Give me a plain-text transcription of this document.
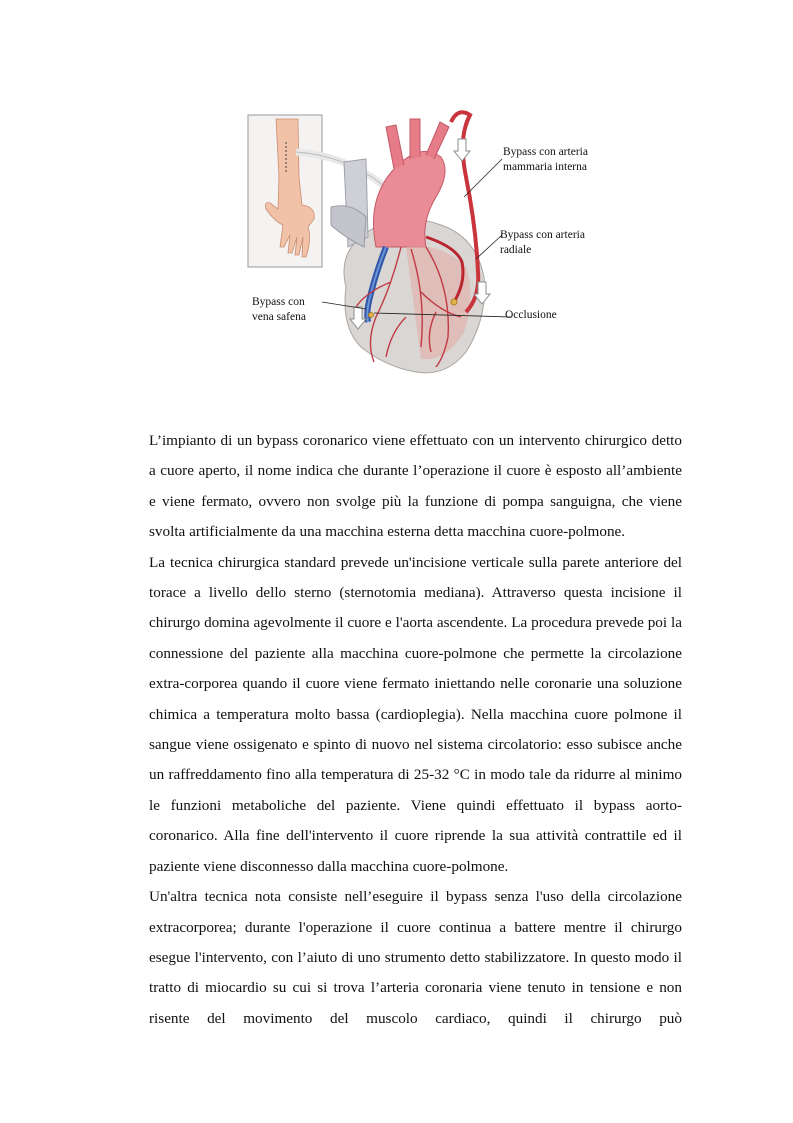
Bypass con arteria
mammaria interna
Bypass con arteria
radiale
Bypass con
vena safena	Occlusione

L’impianto di un bypass coronarico viene effettuato con un intervento chirurgico detto a cuore aperto, il nome indica che durante l’operazione il cuore è esposto all’ambiente e viene fermato, ovvero non svolge più la funzione di pompa sanguigna, che viene svolta artificialmente da una macchina esterna detta macchina cuore-polmone.

La tecnica chirurgica standard prevede un'incisione verticale sulla parete anteriore del torace a livello dello sterno (sternotomia mediana). Attraverso questa incisione il chirurgo domina agevolmente il cuore e l'aorta ascendente. La procedura prevede poi la connessione del paziente alla macchina cuore-polmone che permette la circolazione extra-corporea quando il cuore viene fermato iniettando nelle coronarie una soluzione chimica a temperatura molto bassa (cardioplegia). Nella macchina cuore polmone il sangue viene ossigenato e spinto di nuovo nel sistema circolatorio: esso subisce anche un raffreddamento fino alla temperatura di 25-32 °C in modo tale da ridurre al minimo le funzioni metaboliche del paziente. Viene quindi effettuato il bypass aorto-coronarico. Alla fine dell'intervento il cuore riprende la sua attività contrattile ed il paziente viene disconnesso dalla macchina cuore-polmone.

Un'altra tecnica nota consiste nell’eseguire il bypass senza l'uso della circolazione extracorporea; durante l'operazione il cuore continua a battere mentre il chirurgo esegue l'intervento, con l’aiuto di uno strumento detto stabilizzatore. In questo modo il tratto di miocardio su cui si trova l’arteria coronaria viene tenuto in tensione e non risente del movimento del muscolo cardiaco, quindi il chirurgo può
